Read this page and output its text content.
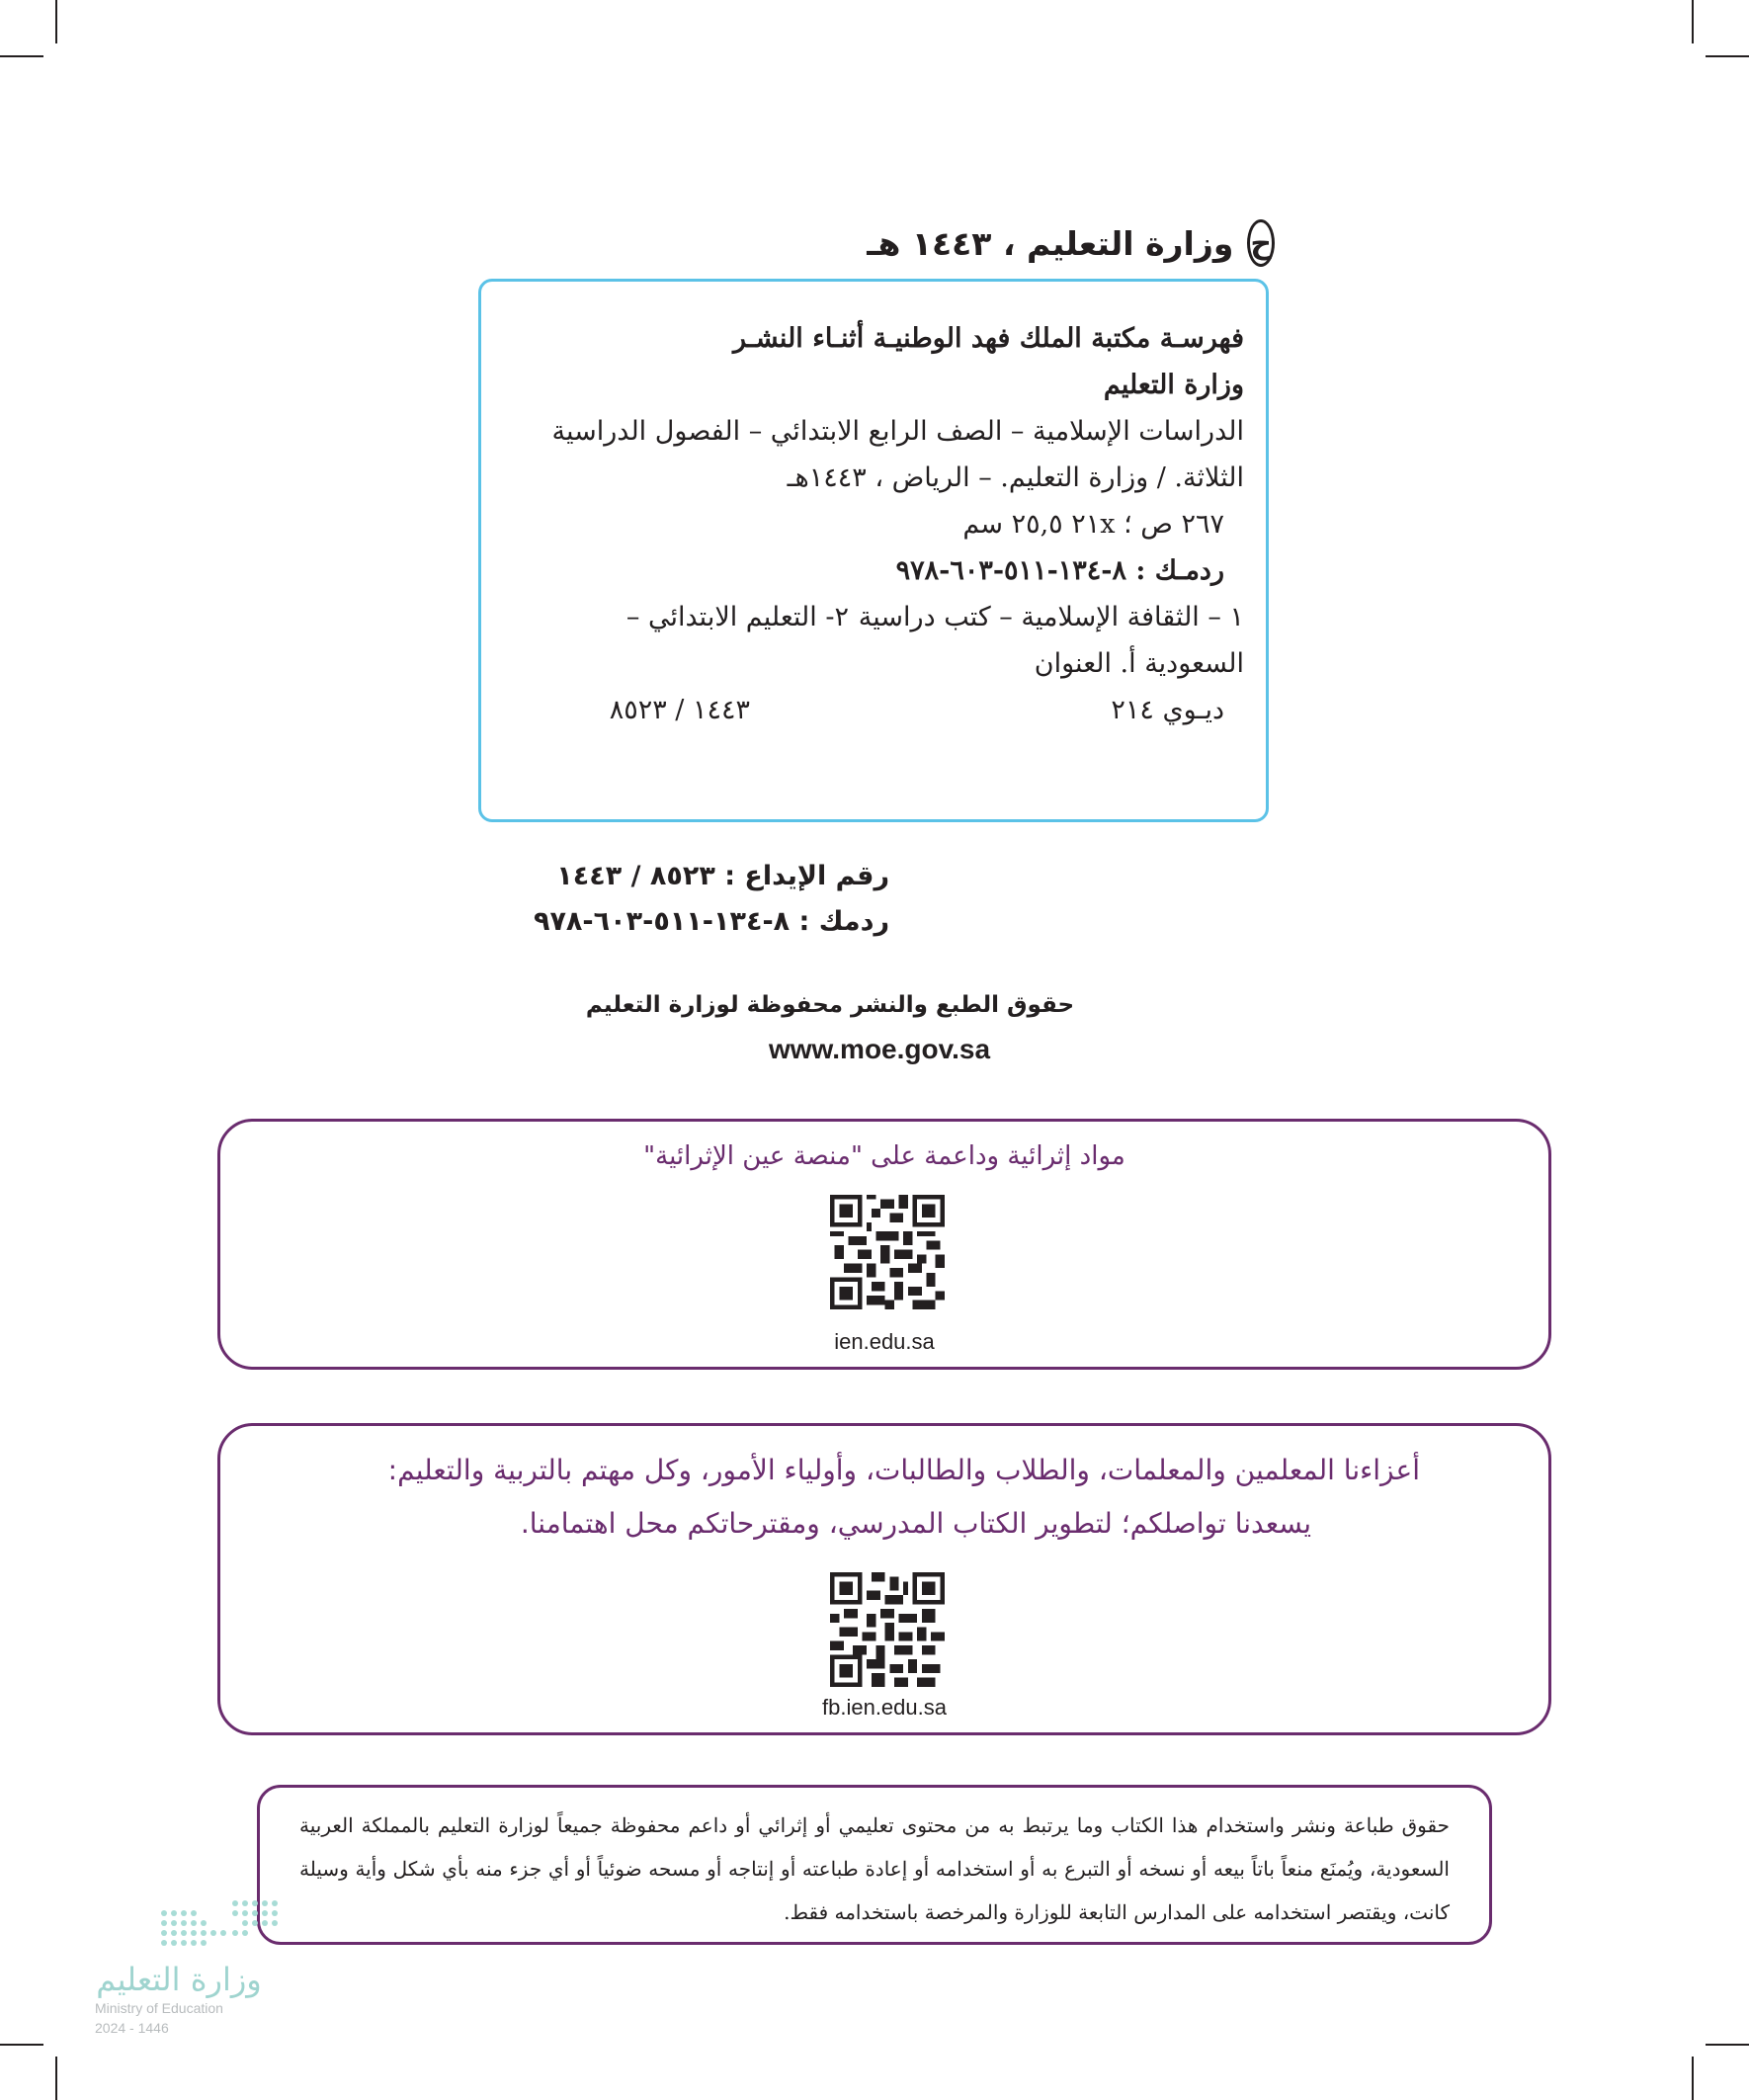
ح
وزارة التعليم ، ١٤٤٣ هـ
فهرسـة مكتبة الملك فهد الوطنيـة أثنـاء النشـر
وزارة التعليم
الدراسات الإسلامية – الصف الرابع الابتدائي – الفصول الدراسية
الثلاثة. / وزارة التعليم. – الرياض ، ١٤٤٣هـ
٢٦٧ ص ؛ ٢١x ٢٥,٥ سم
ردمـك : ٨-١٣٤-٥١١-٦٠٣-٩٧٨
١ – الثقافة الإسلامية – كتب دراسية
٢- التعليم الابتدائي –
السعودية أ. العنوان
ديـوي ٢١٤
١٤٤٣ / ٨٥٢٣
رقم الإيداع : ٨٥٢٣ / ١٤٤٣
ردمك : ٨-١٣٤-٥١١-٦٠٣-٩٧٨
حقوق الطبع والنشر محفوظة لوزارة التعليم
www.moe.gov.sa
مواد إثرائية وداعمة على "منصة عين الإثرائية"
ien.edu.sa
أعزاءنا المعلمين والمعلمات، والطلاب والطالبات، وأولياء الأمور، وكل مهتم بالتربية والتعليم:
يسعدنا تواصلكم؛ لتطوير الكتاب المدرسي، ومقترحاتكم محل اهتمامنا.
fb.ien.edu.sa
حقوق طباعة ونشر واستخدام هذا الكتاب وما يرتبط به من محتوى تعليمي أو إثرائي أو داعم محفوظة جميعاً لوزارة التعليم بالمملكة العربية السعودية، ويُمنَع منعاً باتاً بيعه أو نسخه أو التبرع به أو استخدامه أو إعادة طباعته أو إنتاجه أو مسحه ضوئياً أو أي جزء منه بأي شكل وأية وسيلة كانت، ويقتصر استخدامه على المدارس التابعة للوزارة والمرخصة باستخدامه فقط.
وزارة التعليم
Ministry of Education
2024 - 1446
